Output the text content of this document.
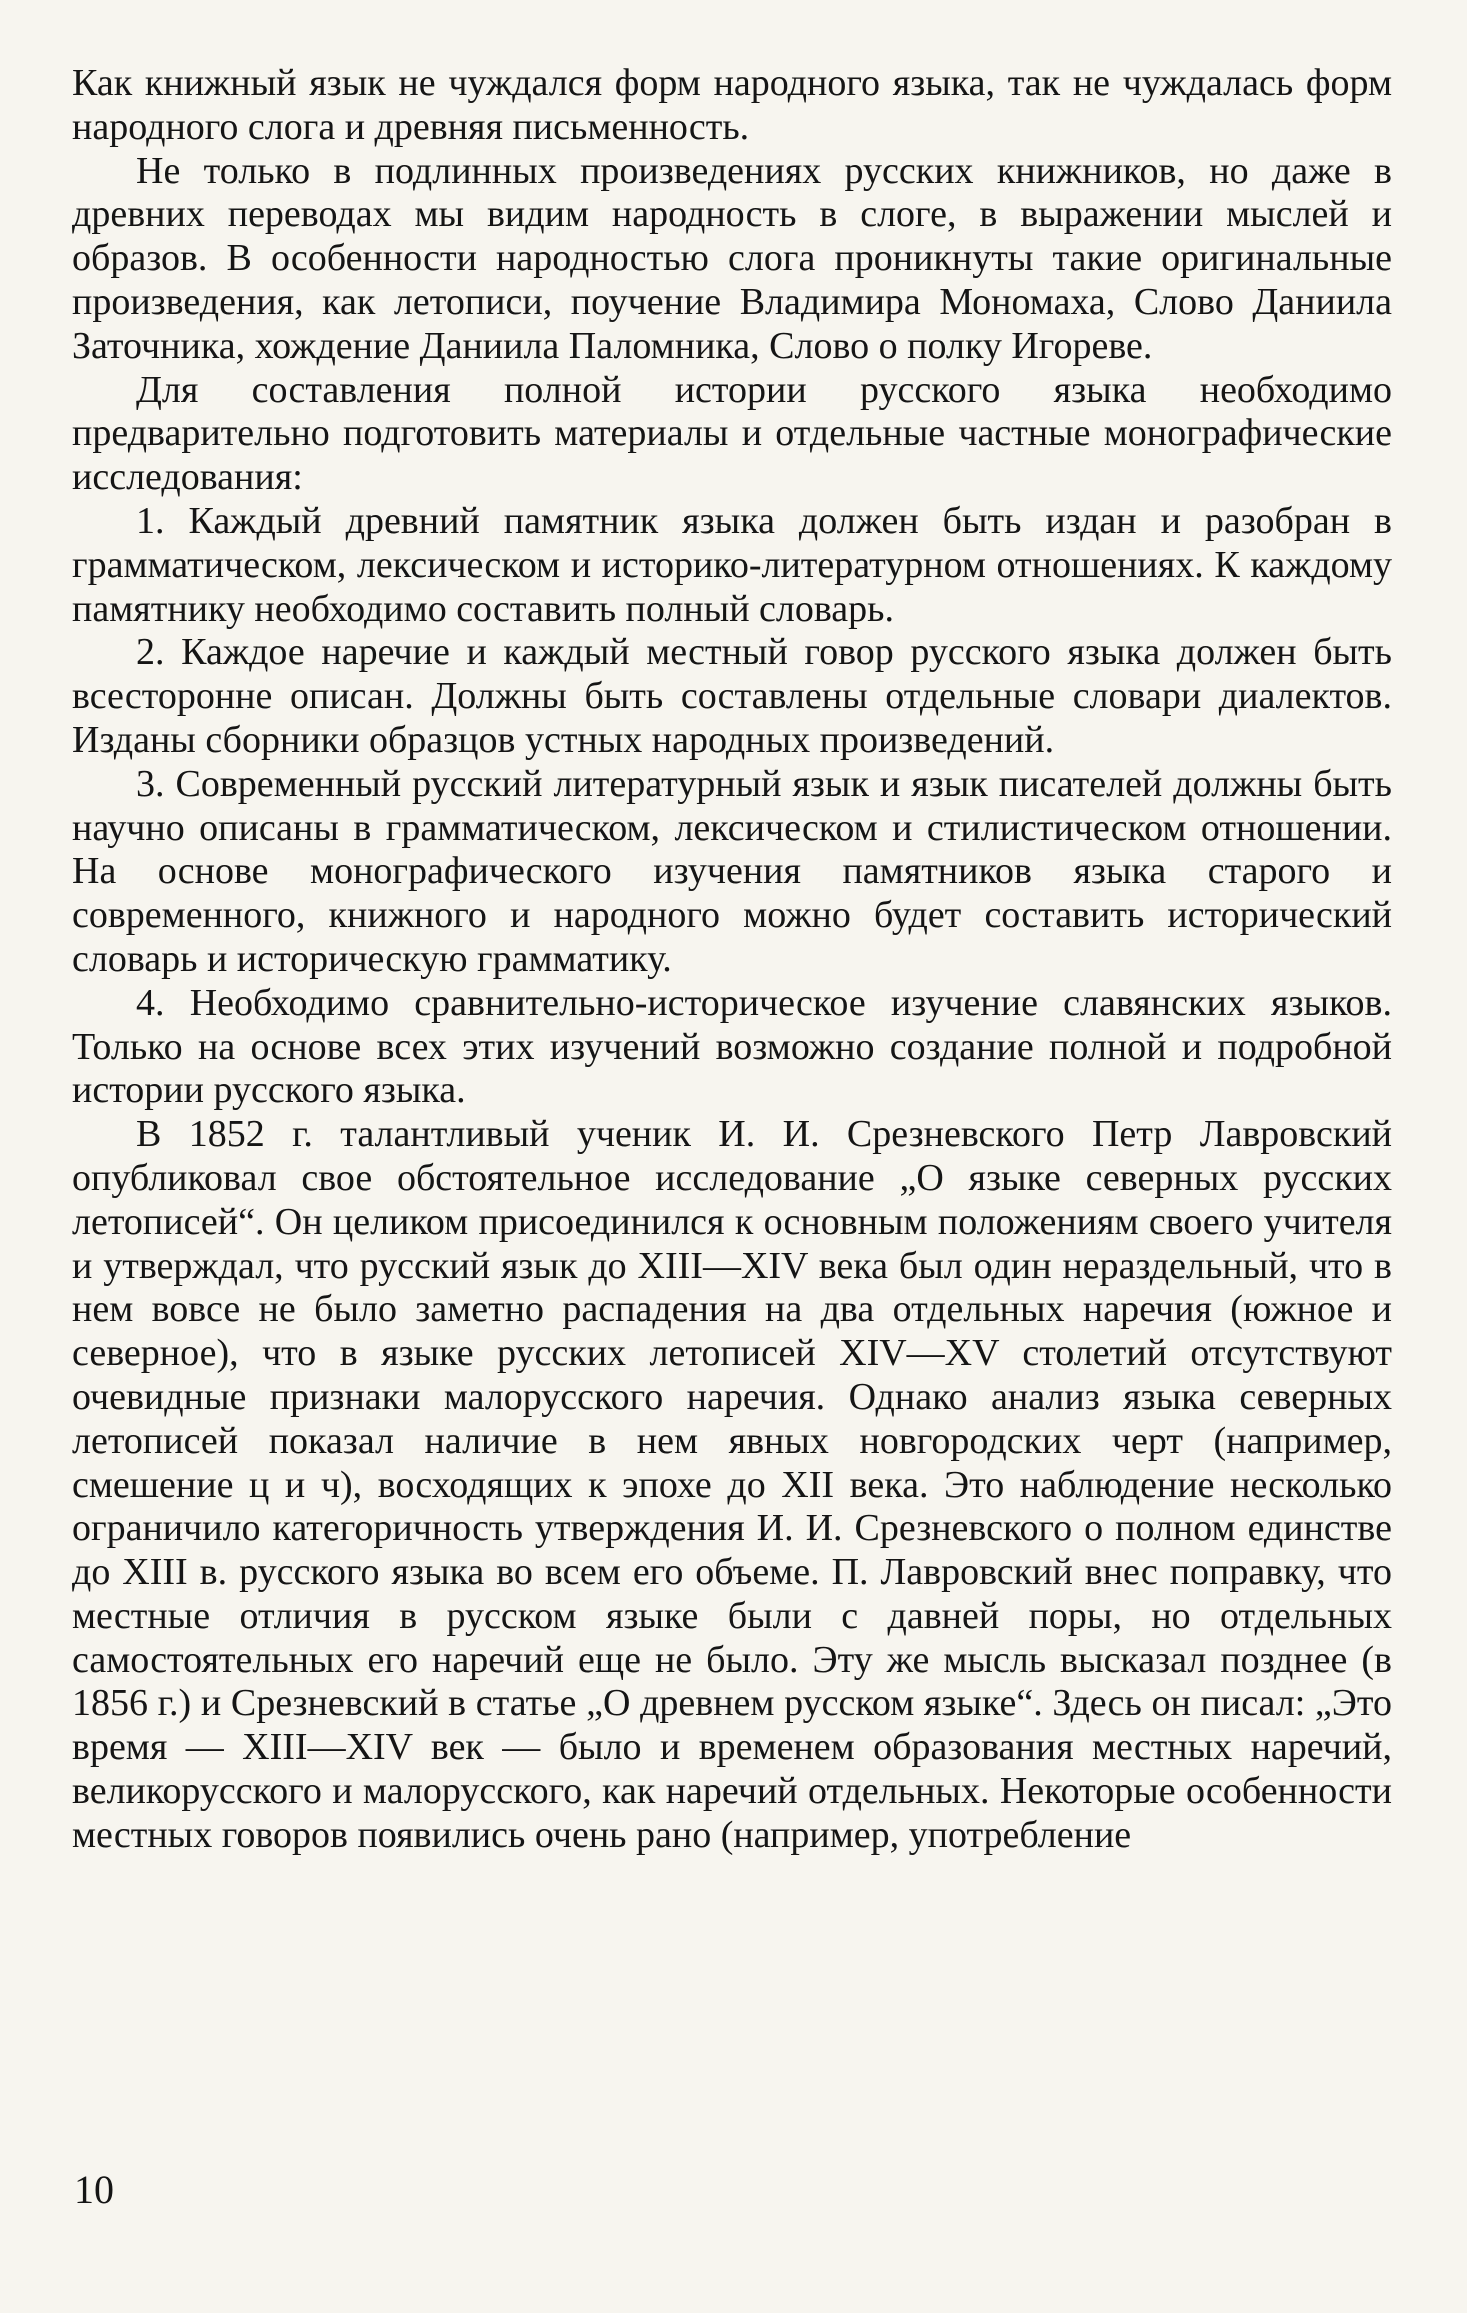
Как книжный язык не чуждался форм народного языка, так не чуждалась форм народного слога и древняя письменность.

Не только в подлинных произведениях русских книжников, но даже в древних переводах мы видим народность в слоге, в выражении мыслей и образов. В особенности народностью слога проникнуты такие оригинальные произведения, как летописи, поучение Владимира Мономаха, Слово Даниила Заточника, хождение Даниила Паломника, Слово о полку Игореве.

Для составления полной истории русского языка необходимо предварительно подготовить материалы и отдельные частные монографические исследования:

1. Каждый древний памятник языка должен быть издан и разобран в грамматическом, лексическом и историко-литературном отношениях. К каждому памятнику необходимо составить полный словарь.

2. Каждое наречие и каждый местный говор русского языка должен быть всесторонне описан. Должны быть составлены отдельные словари диалектов. Изданы сборники образцов устных народных произведений.

3. Современный русский литературный язык и язык писателей должны быть научно описаны в грамматическом, лексическом и стилистическом отношении. На основе монографического изучения памятников языка старого и современного, книжного и народного можно будет составить исторический словарь и историческую грамматику.

4. Необходимо сравнительно-историческое изучение славянских языков. Только на основе всех этих изучений возможно создание полной и подробной истории русского языка.

В 1852 г. талантливый ученик И. И. Срезневского Петр Лавровский опубликовал свое обстоятельное исследование „О языке северных русских летописей“. Он целиком присоединился к основным положениям своего учителя и утверждал, что русский язык до XIII—XIV века был один нераздельный, что в нем вовсе не было заметно распадения на два отдельных наречия (южное и северное), что в языке русских летописей XIV—XV столетий отсутствуют очевидные признаки малорусского наречия. Однако анализ языка северных летописей показал наличие в нем явных новгородских черт (например, смешение ц и ч), восходящих к эпохе до XII века. Это наблюдение несколько ограничило категоричность утверждения И. И. Срезневского о полном единстве до XIII в. русского языка во всем его объеме. П. Лавровский внес поправку, что местные отличия в русском языке были с давней поры, но отдельных самостоятельных его наречий еще не было. Эту же мысль высказал позднее (в 1856 г.) и Срезневский в статье „О древнем русском языке“. Здесь он писал: „Это время — XIII—XIV век — было и временем образования местных наречий, великорусского и малорусского, как наречий отдельных. Некоторые особенности местных говоров появились очень рано (например, употребление

10
